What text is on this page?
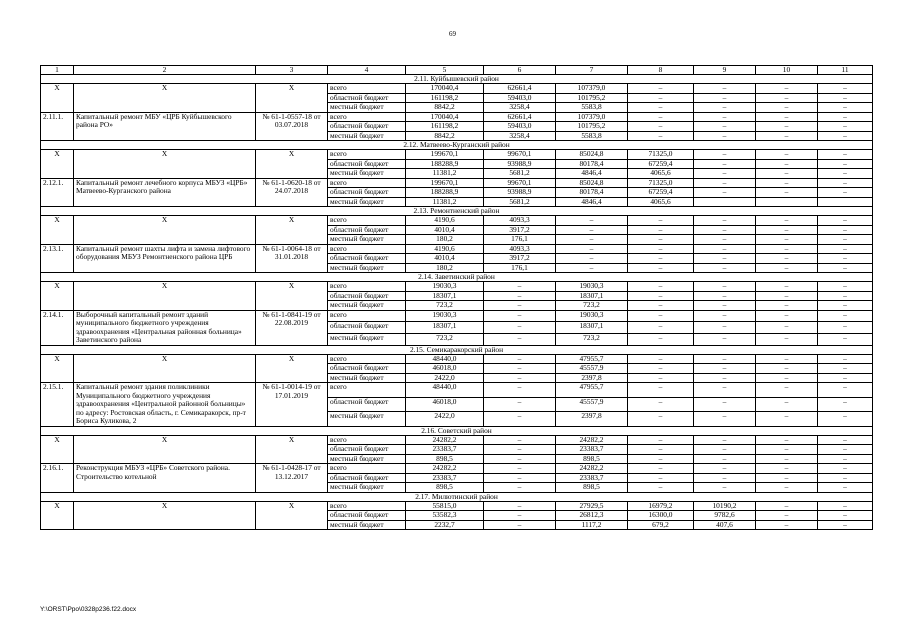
69
1	2	3	4	5	6	7	8	9	10	11
2.11. Куйбышевский район										
X	X	X	всего	170040,4	62661,4	107379,0	–	–	–	–
			областной бюджет	161198,2	59403,0	101795,2	–	–	–	–
			местный бюджет	8842,2	3258,4	5583,8	–	–	–	–
2.11.1.	Капитальный ремонт МБУ «ЦРБ Куйбышевского района РО»	№ 61-1-0557-18 от 03.07.2018	всего	170040,4	62661,4	107379,0	–	–	–	–
			областной бюджет	161198,2	59403,0	101795,2	–	–	–	–
			местный бюджет	8842,2	3258,4	5583,8	–	–	–	–
2.12. Матвеево-Курганский район										
X	X	X	всего	199670,1	99670,1	85024,8	71325,0	–	–	–
			областной бюджет	188288,9	93988,9	80178,4	67259,4	–	–	–
			местный бюджет	11381,2	5681,2	4846,4	4065,6	–	–	–
2.12.1.	Капитальный ремонт лечебного корпуса МБУЗ «ЦРБ» Матвеево-Курганского района	№ 61-1-0620-18 от 24.07.2018	всего	199670,1	99670,1	85024,8	71325,0	–	–	–
			областной бюджет	188288,9	93988,9	80178,4	67259,4	–	–	–
			местный бюджет	11381,2	5681,2	4846,4	4065,6			
2.13. Ремонтненский район										
X	X	X	всего	4190,6	4093,3	–	–	–	–	–
			областной бюджет	4010,4	3917,2	–	–	–	–	–
			местный бюджет	180,2	176,1	–	–	–	–	–
2.13.1.	Капитальный ремонт шахты лифта и замена лифтового оборудования МБУЗ Ремонтненского района ЦРБ	№ 61-1-0064-18 от 31.01.2018	всего	4190,6	4093,3	–	–	–	–	–
			областной бюджет	4010,4	3917,2	–	–	–	–	–
			местный бюджет	180,2	176,1	–	–	–	–	–
2.14. Заветинский район										
X	X	X	всего	19030,3	–	19030,3	–	–	–	–
			областной бюджет	18307,1	–	18307,1	–	–	–	–
			местный бюджет	723,2	–	723,2	–	–	–	–
2.14.1.	Выборочный капитальный ремонт зданий муниципального бюджетного учреждения здравоохранения «Центральная районная больница» Заветинского района	№ 61-1-0841-19 от 22.08.2019	всего	19030,3	–	19030,3	–	–	–	–
			областной бюджет	18307,1	–	18307,1	–	–	–	–
			местный бюджет	723,2	–	723,2	–	–	–	–
2.15. Семикаракорский район										
X	X	X	всего	48440,0	–	47955,7	–	–	–	–
			областной бюджет	46018,0	–	45557,9	–	–	–	–
			местный бюджет	2422,0	–	2397,8	–	–	–	–
2.15.1.	Капитальный ремонт здания поликлиники Муниципального бюджетного учреждения здравоохранения «Центральной районной больницы» по адресу: Ростовская область, г. Семикаракорск, пр-т Бориса Куликова, 2	№ 61-1-0014-19 от 17.01.2019	всего	48440,0	–	47955,7	–	–	–	–
			областной бюджет	46018,0	–	45557,9	–	–	–	–
			местный бюджет	2422,0	–	2397,8	–	–	–	–
2.16. Советский район										
X	X	X	всего	24282,2	–	24282,2	–	–	–	–
			областной бюджет	23383,7	–	23383,7	–	–	–	–
			местный бюджет	898,5	–	898,5	–	–	–	–
2.16.1.	Реконструкция МБУЗ «ЦРБ» Советского района. Строительство котельной	№ 61-1-0428-17 от 13.12.2017	всего	24282,2	–	24282,2	–	–	–	–
			областной бюджет	23383,7	–	23383,7	–	–	–	–
			местный бюджет	898,5	–	898,5	–	–	–	–
2.17. Милютинский район										
X	X	X	всего	55815,0	–	27929,5	16979,2	10190,2	–	–
			областной бюджет	53582,3	–	26812,3	16300,0	9782,6	–	–
			местный бюджет	2232,7	–	1117,2	679,2	407,6	–	–
Y:\ORST\Ppo\0328p236.f22.docx
